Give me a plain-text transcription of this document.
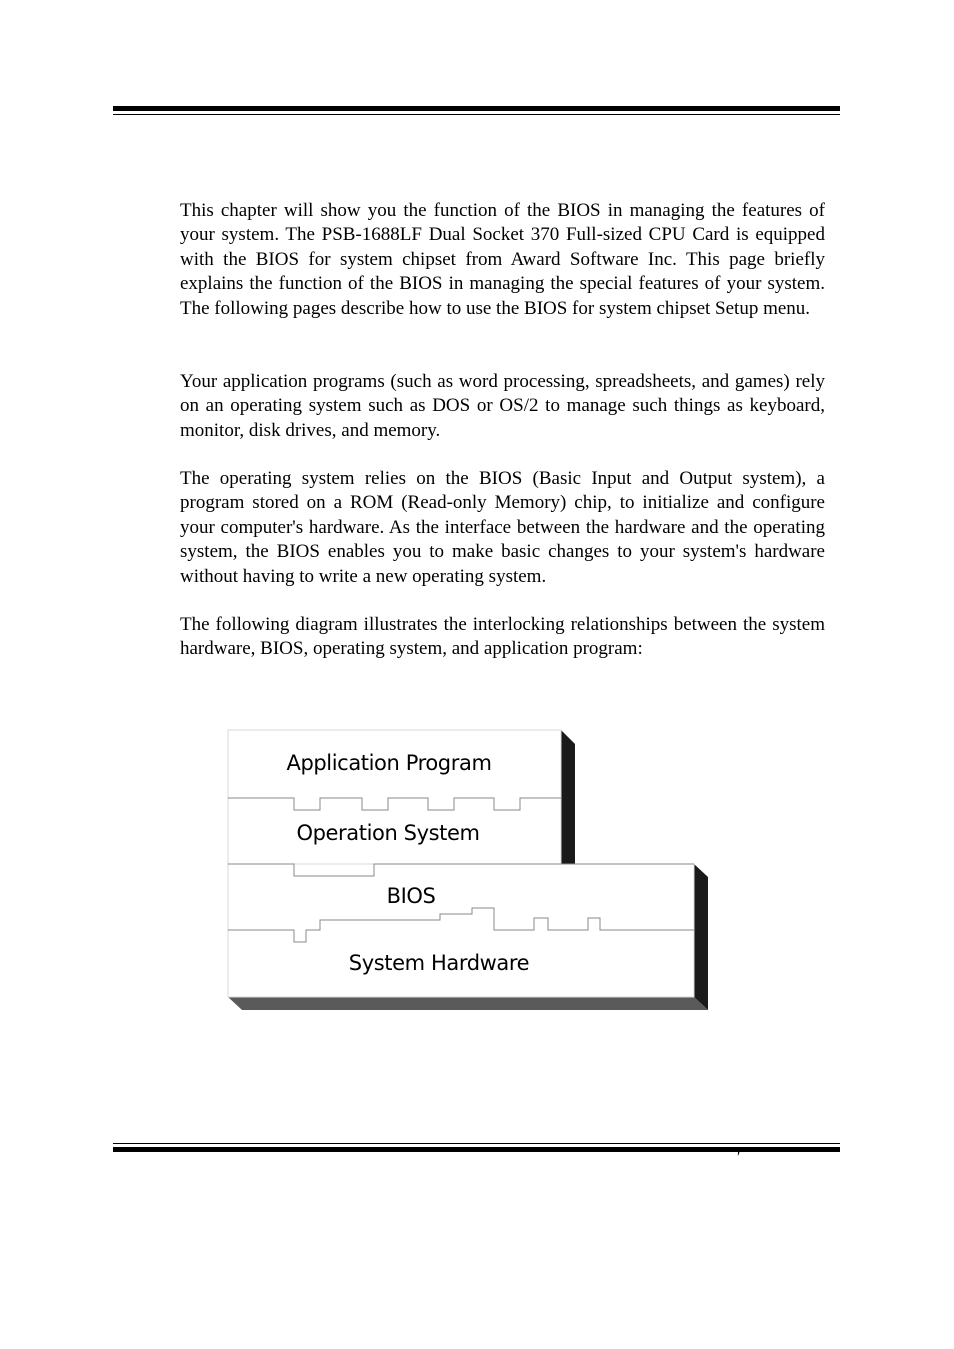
This chapter will show you the function of the BIOS in managing the features of your system. The PSB-1688LF Dual Socket 370 Full-sized CPU Card is equipped with the BIOS for system chipset from Award Software Inc. This page briefly explains the function of the BIOS in managing the special features of your system. The following pages describe how to use the BIOS for system chipset Setup menu.

Your application programs (such as word processing, spreadsheets, and games) rely on an operating system such as DOS or OS/2 to manage such things as keyboard, monitor, disk drives, and memory.

The operating system relies on the BIOS (Basic Input and Output system), a program stored on a ROM (Read-only Memory) chip, to initialize and configure your computer's hardware. As the interface between the hardware and the operating system, the BIOS enables you to make basic changes to your system's hardware without having to write a new operating system.

The following diagram illustrates the interlocking relationships between the system hardware, BIOS, operating system, and application program:

Application Program
Operation System
BIOS
System Hardware
′
